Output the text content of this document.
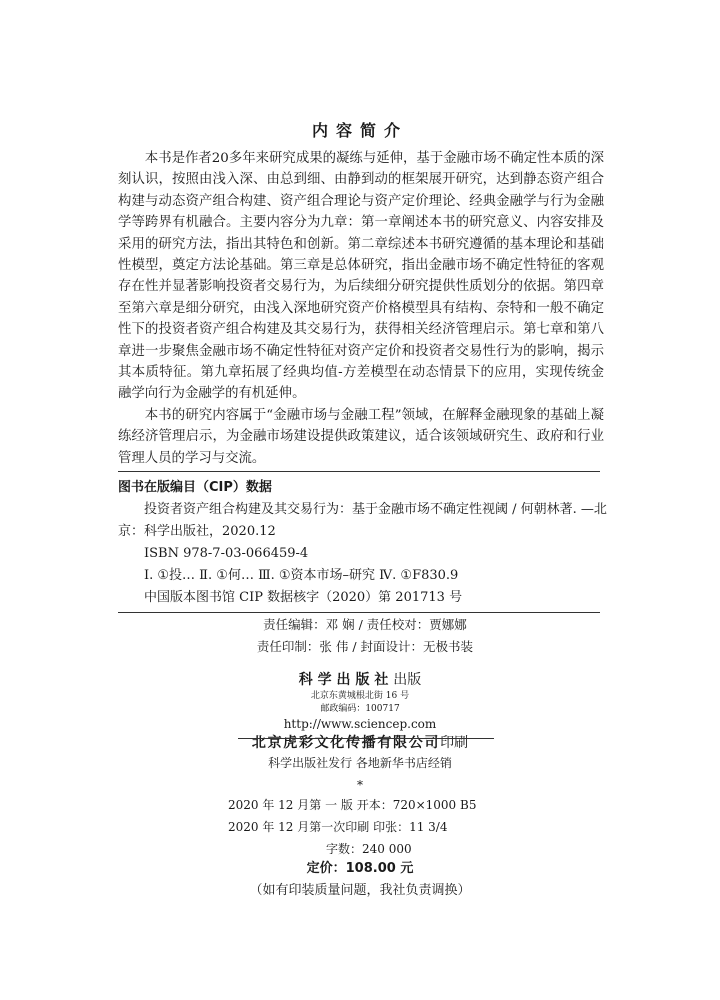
内容简介

本书是作者20多年来研究成果的凝练与延伸，基于金融市场不确定性本质的深刻认识，按照由浅入深、由总到细、由静到动的框架展开研究，达到静态资产组合构建与动态资产组合构建、资产组合理论与资产定价理论、经典金融学与行为金融学等跨界有机融合。主要内容分为九章：第一章阐述本书的研究意义、内容安排及采用的研究方法，指出其特色和创新。第二章综述本书研究遵循的基本理论和基础性模型，奠定方法论基础。第三章是总体研究，指出金融市场不确定性特征的客观存在性并显著影响投资者交易行为，为后续细分研究提供性质划分的依据。第四章至第六章是细分研究，由浅入深地研究资产价格模型具有结构、奈特和一般不确定性下的投资者资产组合构建及其交易行为，获得相关经济管理启示。第七章和第八章进一步聚焦金融市场不确定性特征对资产定价和投资者交易性行为的影响，揭示其本质特征。第九章拓展了经典均值-方差模型在动态情景下的应用，实现传统金融学向行为金融学的有机延伸。

本书的研究内容属于“金融市场与金融工程”领域，在解释金融现象的基础上凝练经济管理启示，为金融市场建设提供政策建议，适合该领域研究生、政府和行业管理人员的学习与交流。

图书在版编目（CIP）数据
投资者资产组合构建及其交易行为：基于金融市场不确定性视阈 / 何朝林著. —北
京：科学出版社，2020.12
ISBN 978-7-03-066459-4
Ⅰ. ①投… Ⅱ. ①何… Ⅲ. ①资本市场–研究 Ⅳ. ①F830.9
中国版本图书馆 CIP 数据核字（2020）第 201713 号
责任编辑：邓 娴 / 责任校对：贾娜娜
责任印制：张 伟 / 封面设计：无极书装
科学出版社出版
北京东黄城根北街 16 号
邮政编码：100717
http://www.sciencep.com
北京虎彩文化传播有限公司印刷
科学出版社发行 各地新华书店经销
*
2020 年 12 月第 一 版 开本：720×1000 B5
2020 年 12 月第一次印刷 印张：11 3/4
字数：240 000
定价：108.00 元
（如有印装质量问题，我社负责调换）
